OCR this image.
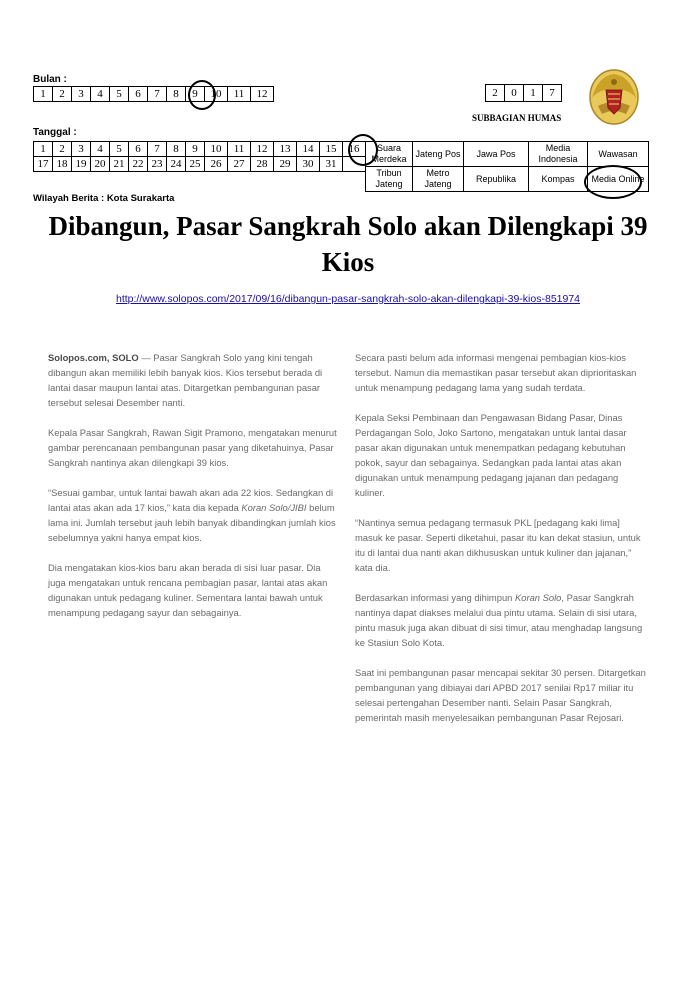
Bulan :
1	2	3	4	5	6	7	8	9	10	11	12	2	0	1	7
SUBBAGIAN HUMAS
Tanggal :
1	2	3	4	5	6	7	8	9	10	11	12	13	14	15	16
17	18	19	20	21	22	23	24	25	26	27	28	29	30	31	
Suara Merdeka	Jateng Pos	Jawa Pos	Media Indonesia	Wawasan
Tribun Jateng	Metro Jateng	Republika	Kompas	Media Online
Wilayah Berita : Kota Surakarta
Dibangun, Pasar Sangkrah Solo akan Dilengkapi 39 Kios
http://www.solopos.com/2017/09/16/dibangun-pasar-sangkrah-solo-akan-dilengkapi-39-kios-851974

Solopos.com, SOLO — Pasar Sangkrah Solo yang kini tengah dibangun akan memiliki lebih banyak kios. Kios tersebut berada di lantai dasar maupun lantai atas. Ditargetkan pembangunan pasar tersebut selesai Desember nanti.

Kepala Pasar Sangkrah, Rawan Sigit Pramono, mengatakan menurut gambar perencanaan pembangunan pasar yang diketahuinya, Pasar Sangkrah nantinya akan dilengkapi 39 kios.

“Sesuai gambar, untuk lantai bawah akan ada 22 kios. Sedangkan di lantai atas akan ada 17 kios,” kata dia kepada Koran Solo/JIBI belum lama ini. Jumlah tersebut jauh lebih banyak dibandingkan jumlah kios sebelumnya yakni hanya empat kios.

Dia mengatakan kios-kios baru akan berada di sisi luar pasar. Dia juga mengatakan untuk rencana pembagian pasar, lantai atas akan digunakan untuk pedagang kuliner. Sementara lantai bawah untuk menampung pedagang sayur dan sebagainya.

Secara pasti belum ada informasi mengenai pembagian kios-kios tersebut. Namun dia memastikan pasar tersebut akan diprioritaskan untuk menampung pedagang lama yang sudah terdata.

Kepala Seksi Pembinaan dan Pengawasan Bidang Pasar, Dinas Perdagangan Solo, Joko Sartono, mengatakan untuk lantai dasar pasar akan digunakan untuk menempatkan pedagang kebutuhan pokok, sayur dan sebagainya. Sedangkan pada lantai atas akan digunakan untuk menampung pedagang jajanan dan pedagang kuliner.

“Nantinya semua pedagang termasuk PKL [pedagang kaki lima] masuk ke pasar. Seperti diketahui, pasar itu kan dekat stasiun, untuk itu di lantai dua nanti akan dikhususkan untuk kuliner dan jajanan,” kata dia.

Berdasarkan informasi yang dihimpun Koran Solo, Pasar Sangkrah nantinya dapat diakses melalui dua pintu utama. Selain di sisi utara, pintu masuk juga akan dibuat di sisi timur, atau menghadap langsung ke Stasiun Solo Kota.

Saat ini pembangunan pasar mencapai sekitar 30 persen. Ditargetkan pembangunan yang dibiayai dari APBD 2017 senilai Rp17 miliar itu selesai pertengahan Desember nanti. Selain Pasar Sangkrah, pemerintah masih menyelesaikan pembangunan Pasar Rejosari.
